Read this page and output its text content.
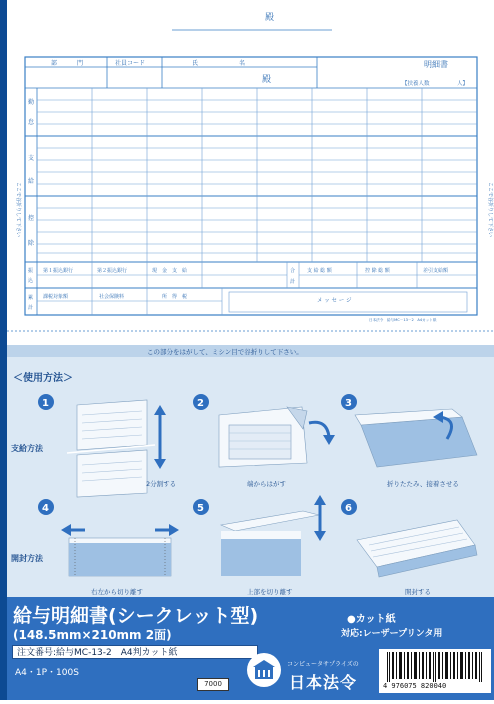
殿
部	門	社員コード	氏	名
殿
明細書
【扶養人数	人】
勤
怠
支
給
控
除
振
込
累
計
第１振込銀行	第２振込銀行	現　金　支　給	合
計
支 給 総 額	控 除 総 額	差引支給額
課税対象額	社会保険料	所　得　税
メ ッ セ ー ジ
日本法令　給与MC－13－2　A4カット紙
ここで谷折りして下さい	ここで谷折りして下さい
この部分をはがして、ミシン目で谷折りして下さい。
＜使用方法＞
支給方法
開封方法
1	2	3
4	5	6
2分割する	端からはがす	折りたたみ、接着させる
右左から切り離す	上部を切り離す	開封する
給与明細書(シークレット型)
(148.5mm×210mm 2面)
●カット紙
対応:レーザープリンタ用
注文番号:給与MC-13-2　A4判カット紙
A4・1P・100S
7000
コンピュータサプライズの
日本法令	4 976075 820040
